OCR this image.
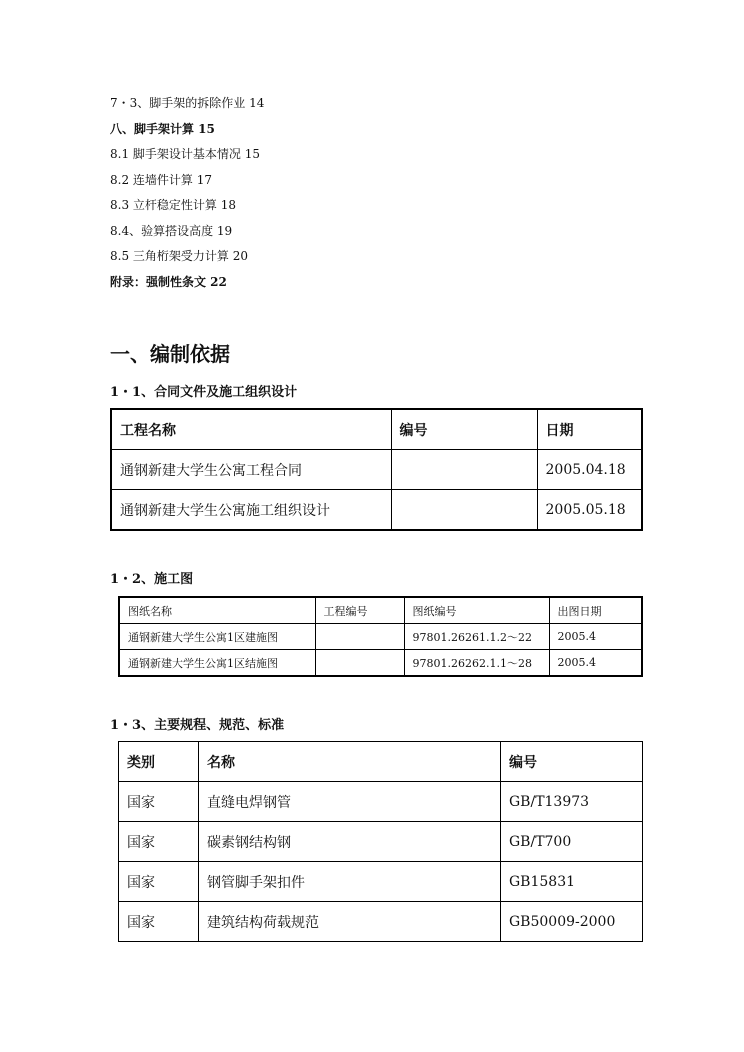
7・3、脚手架的拆除作业 14
八、脚手架计算 15
8.1 脚手架设计基本情况 15
8.2 连墙件计算 17
8.3 立杆稳定性计算 18
8.4、验算搭设高度 19
8.5 三角桁架受力计算 20
附录：强制性条文 22
一、编制依据
1・1、合同文件及施工组织设计
工程名称	编号	日期
通钢新建大学生公寓工程合同		2005.04.18
通钢新建大学生公寓施工组织设计		2005.05.18
1・2、施工图
图纸名称	工程编号	图纸编号	出图日期
通钢新建大学生公寓1区建施图		97801.26261.1.2～22	2005.4
通钢新建大学生公寓1区结施图		97801.26262.1.1～28	2005.4
1・3、主要规程、规范、标准
类别	名称	编号
国家	直缝电焊钢管	GB/T13973
国家	碳素钢结构钢	GB/T700
国家	钢管脚手架扣件	GB15831
国家	建筑结构荷载规范	GB50009-2000
